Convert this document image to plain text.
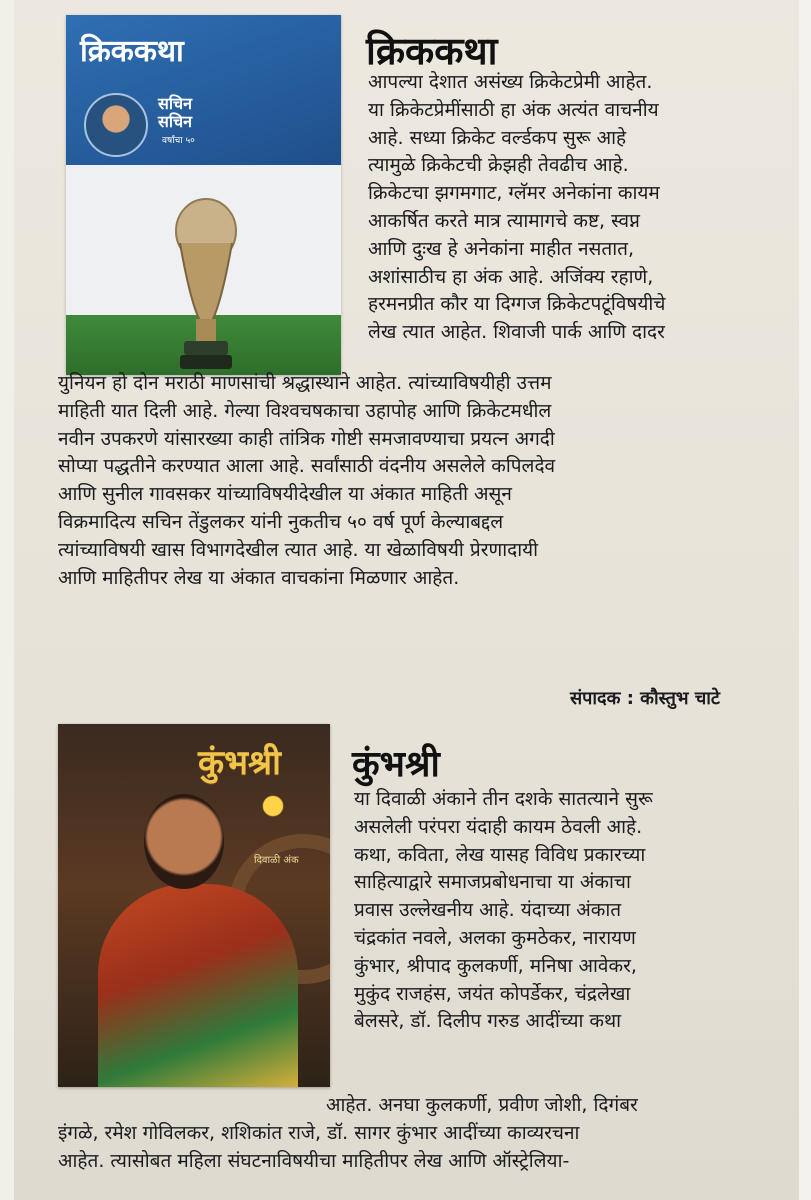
क्रिककथा
सचिन
सचिन
वर्षांचा ५०
क्रिककथा
आपल्या देशात असंख्य क्रिकेटप्रेमी आहेत.
या क्रिकेटप्रेमींसाठी हा अंक अत्यंत वाचनीय
आहे. सध्या क्रिकेट वर्ल्डकप सुरू आहे
त्यामुळे क्रिकेटची क्रेझही तेवढीच आहे.
क्रिकेटचा झगमगाट, ग्लॅमर अनेकांना कायम
आकर्षित करते मात्र त्यामागचे कष्ट, स्वप्न
आणि दुःख हे अनेकांना माहीत नसतात,
अशांसाठीच हा अंक आहे. अजिंक्य रहाणे,
हरमनप्रीत कौर या दिग्गज क्रिकेटपटूंविषयीचे
लेख त्यात आहेत. शिवाजी पार्क आणि दादर
युनियन हो दोन मराठी माणसांची श्रद्धास्थाने आहेत. त्यांच्याविषयीही उत्तम
माहिती यात दिली आहे. गेल्या विश्वचषकाचा उहापोह आणि क्रिकेटमधील
नवीन उपकरणे यांसारख्या काही तांत्रिक गोष्टी समजावण्याचा प्रयत्न अगदी
सोप्या पद्धतीने करण्यात आला आहे. सर्वांसाठी वंदनीय असलेले कपिलदेव
आणि सुनील गावसकर यांच्याविषयीदेखील या अंकात माहिती असून
विक्रमादित्य सचिन तेंडुलकर यांनी नुकतीच ५० वर्ष पूर्ण केल्याबद्दल
त्यांच्याविषयी खास विभागदेखील त्यात आहे. या खेळाविषयी प्रेरणादायी
आणि माहितीपर लेख या अंकात वाचकांना मिळणार आहेत.
संपादक : कौस्तुभ चाटे
कुंभश्री
दिवाळी अंक
कुंभश्री
या दिवाळी अंकाने तीन दशके सातत्याने सुरू
असलेली परंपरा यंदाही कायम ठेवली आहे.
कथा, कविता, लेख यासह विविध प्रकारच्या
साहित्याद्वारे समाजप्रबोधनाचा या अंकाचा
प्रवास उल्लेखनीय आहे. यंदाच्या अंकात
चंद्रकांत नवले, अलका कुमठेकर, नारायण
कुंभार, श्रीपाद कुलकर्णी, मनिषा आवेकर,
मुकुंद राजहंस, जयंत कोपर्डेकर, चंद्रलेखा
बेलसरे, डॉ. दिलीप गरुड आदींच्या कथा
आहेत. अनघा कुलकर्णी, प्रवीण जोशी, दिगंबर
इंगळे, रमेश गोविलकर, शशिकांत राजे, डॉ. सागर कुंभार आदींच्या काव्यरचना
आहेत. त्यासोबत महिला संघटनाविषयीचा माहितीपर लेख आणि ऑस्ट्रेलिया-
